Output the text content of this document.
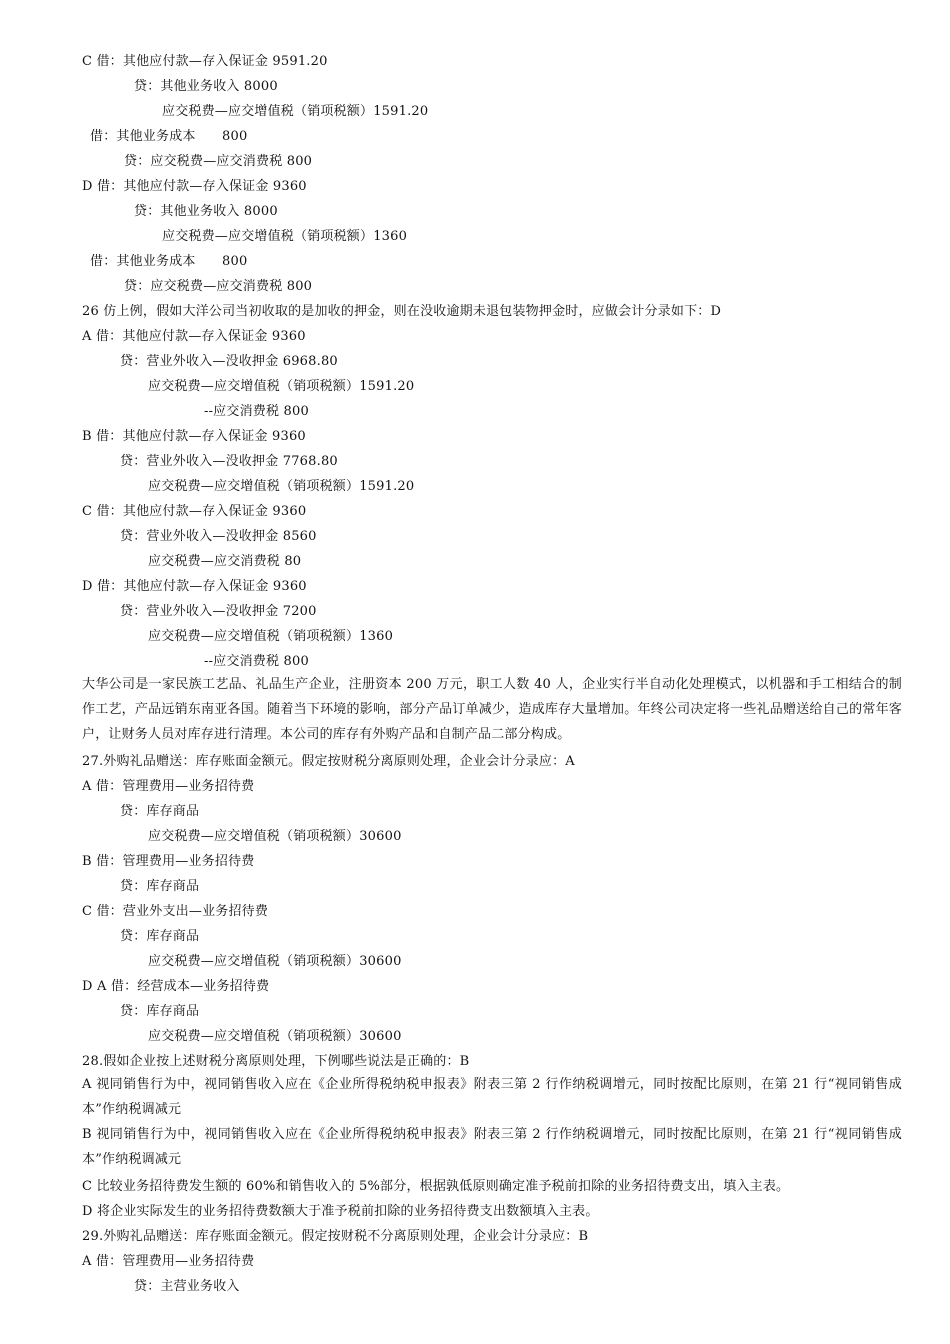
C 借：其他应付款—存入保证金 9591.20
贷：其他业务收入 8000
应交税费—应交增值税（销项税额）1591.20
借：其他业务成本　　800
贷：应交税费—应交消费税 800
D 借：其他应付款—存入保证金 9360
贷：其他业务收入 8000
应交税费—应交增值税（销项税额）1360
借：其他业务成本　　800
贷：应交税费—应交消费税 800
26 仿上例，假如大洋公司当初收取的是加收的押金，则在没收逾期未退包装物押金时，应做会计分录如下：D
A 借：其他应付款—存入保证金 9360
贷：营业外收入—没收押金 6968.80
应交税费—应交增值税（销项税额）1591.20
--应交消费税 800
B 借：其他应付款—存入保证金 9360
贷：营业外收入—没收押金 7768.80
应交税费—应交增值税（销项税额）1591.20
C 借：其他应付款—存入保证金 9360
贷：营业外收入—没收押金 8560
应交税费—应交消费税 80
D 借：其他应付款—存入保证金 9360
贷：营业外收入—没收押金 7200
应交税费—应交增值税（销项税额）1360
--应交消费税 800
大华公司是一家民族工艺品、礼品生产企业，注册资本 200 万元，职工人数 40 人，企业实行半自动化处理模式，以机器和手工相结合的制作工艺，产品远销东南亚各国。随着当下环境的影响，部分产品订单减少，造成库存大量增加。年终公司决定将一些礼品赠送给自己的常年客户，让财务人员对库存进行清理。本公司的库存有外购产品和自制产品二部分构成。
27.外购礼品赠送：库存账面金额元。假定按财税分离原则处理，企业会计分录应：A
A 借：管理费用—业务招待费
贷：库存商品
应交税费—应交增值税（销项税额）30600
B 借：管理费用—业务招待费
贷：库存商品
C 借：营业外支出—业务招待费
贷：库存商品
应交税费—应交增值税（销项税额）30600
D A 借：经营成本—业务招待费
贷：库存商品
应交税费—应交增值税（销项税额）30600
28.假如企业按上述财税分离原则处理，下例哪些说法是正确的：B
A 视同销售行为中，视同销售收入应在《企业所得税纳税申报表》附表三第 2 行作纳税调增元，同时按配比原则，在第 21 行“视同销售成本”作纳税调减元
B 视同销售行为中，视同销售收入应在《企业所得税纳税申报表》附表三第 2 行作纳税调增元，同时按配比原则，在第 21 行“视同销售成本”作纳税调减元
C 比较业务招待费发生额的 60%和销售收入的 5%部分，根据孰低原则确定准予税前扣除的业务招待费支出，填入主表。
D 将企业实际发生的业务招待费数额大于准予税前扣除的业务招待费支出数额填入主表。
29.外购礼品赠送：库存账面金额元。假定按财税不分离原则处理，企业会计分录应：B
A 借：管理费用—业务招待费
贷：主营业务收入
